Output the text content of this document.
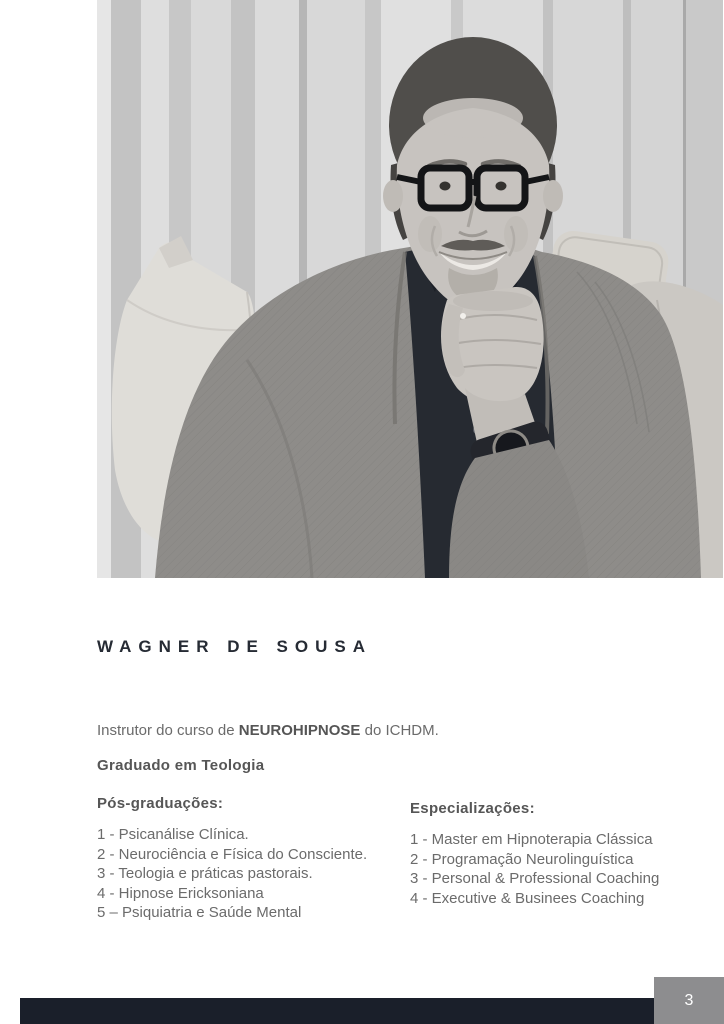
WAGNER DE SOUSA
Instrutor do curso de NEUROHIPNOSE do ICHDM.
Graduado em Teologia

Pós-graduações:

1 - Psicanálise Clínica.
2 - Neurociência e Física do Consciente.
3 - Teologia e práticas pastorais.
4 - Hipnose Ericksoniana
5 – Psiquiatria e Saúde Mental

Especializações:

1 - Master em Hipnoterapia Clássica
2 - Programação Neurolinguística
3 - Personal & Professional Coaching
4 - Executive & Businees Coaching
3
